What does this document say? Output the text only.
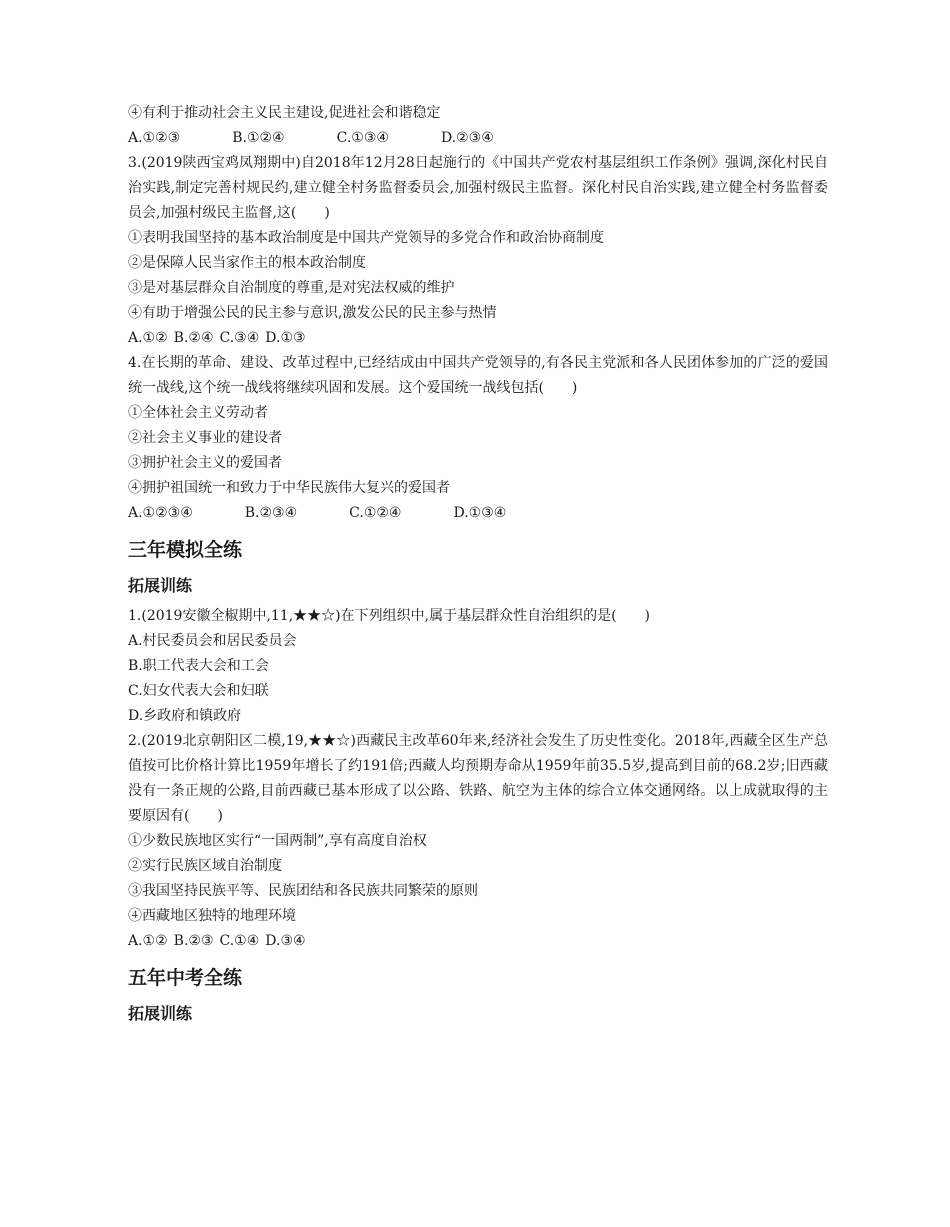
④有利于推动社会主义民主建设,促进社会和谐稳定
A.①②③	B.①②④	C.①③④	D.②③④
3.(2019陕西宝鸡凤翔期中)自2018年12月28日起施行的《中国共产党农村基层组织工作条例》强调,深化村民自治实践,制定完善村规民约,建立健全村务监督委员会,加强村级民主监督。深化村民自治实践,建立健全村务监督委员会,加强村级民主监督,这(　　)
①表明我国坚持的基本政治制度是中国共产党领导的多党合作和政治协商制度
②是保障人民当家作主的根本政治制度
③是对基层群众自治制度的尊重,是对宪法权威的维护
④有助于增强公民的民主参与意识,激发公民的民主参与热情
A.①② B.②④ C.③④ D.①③
4.在长期的革命、建设、改革过程中,已经结成由中国共产党领导的,有各民主党派和各人民团体参加的广泛的爱国统一战线,这个统一战线将继续巩固和发展。这个爱国统一战线包括(　　)
①全体社会主义劳动者
②社会主义事业的建设者
③拥护社会主义的爱国者
④拥护祖国统一和致力于中华民族伟大复兴的爱国者
A.①②③④	B.②③④	C.①②④	D.①③④
三年模拟全练
拓展训练
1.(2019安徽全椒期中,11,★★☆)在下列组织中,属于基层群众性自治组织的是(　　)
A.村民委员会和居民委员会
B.职工代表大会和工会
C.妇女代表大会和妇联
D.乡政府和镇政府
2.(2019北京朝阳区二模,19,★★☆)西藏民主改革60年来,经济社会发生了历史性变化。2018年,西藏全区生产总值按可比价格计算比1959年增长了约191倍;西藏人均预期寿命从1959年前35.5岁,提高到目前的68.2岁;旧西藏没有一条正规的公路,目前西藏已基本形成了以公路、铁路、航空为主体的综合立体交通网络。以上成就取得的主要原因有(　　)
①少数民族地区实行“一国两制”,享有高度自治权
②实行民族区域自治制度
③我国坚持民族平等、民族团结和各民族共同繁荣的原则
④西藏地区独特的地理环境
A.①② B.②③ C.①④ D.③④
五年中考全练
拓展训练
